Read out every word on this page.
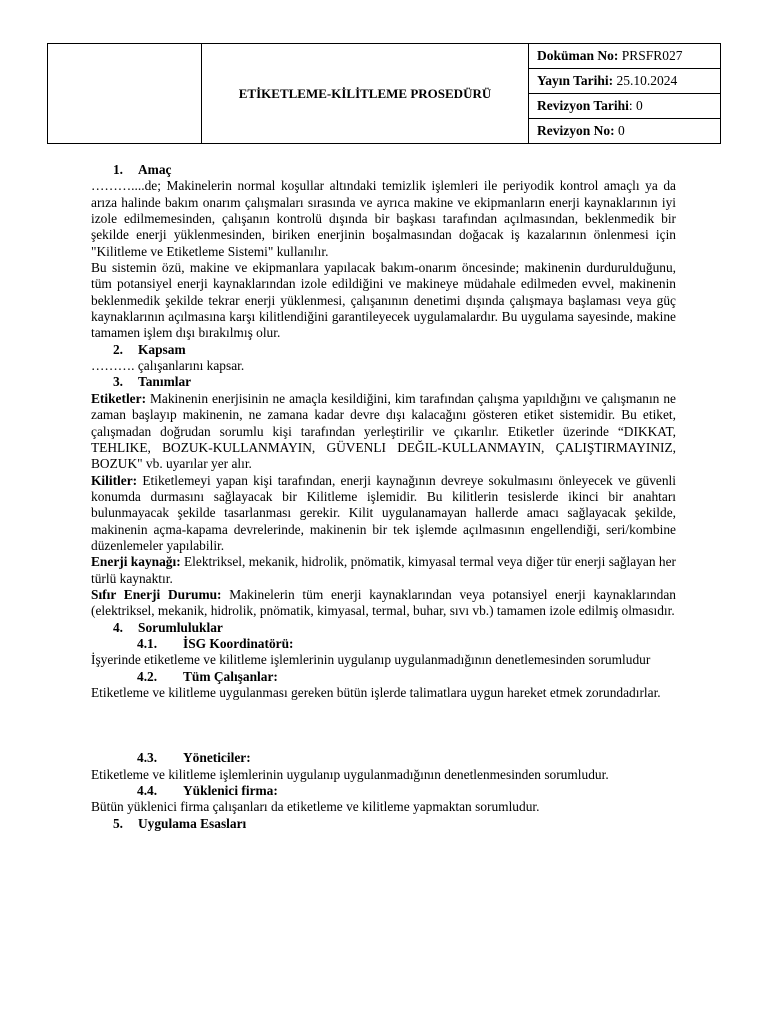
	ETİKETLEME-KİLİTLEME PROSEDÜRÜ	Doküman No: PRSFR027
Yayın Tarihi: 25.10.2024
Revizyon Tarihi: 0
Revizyon No: 0
1. Amaç

………....de; Makinelerin normal koşullar altındaki temizlik işlemleri ile periyodik kontrol amaçlı ya da arıza halinde bakım onarım çalışmaları sırasında ve ayrıca makine ve ekipmanların enerji kaynaklarının iyi izole edilmemesinden, çalışanın kontrolü dışında bir başkası tarafından açılmasından, beklenmedik bir şekilde enerji yüklenmesinden, biriken enerjinin boşalmasından doğacak iş kazalarının önlenmesi için "Kilitleme ve Etiketleme Sistemi" kullanılır.

Bu sistemin özü, makine ve ekipmanlara yapılacak bakım-onarım öncesinde; makinenin durdurulduğunu, tüm potansiyel enerji kaynaklarından izole edildiğini ve makineye müdahale edilmeden evvel, makinenin beklenmedik şekilde tekrar enerji yüklenmesi, çalışanının denetimi dışında çalışmaya başlaması veya güç kaynaklarının açılmasına karşı kilitlendiğini garantileyecek uygulamalardır. Bu uygulama sayesinde, makine tamamen işlem dışı bırakılmış olur.

2. Kapsam

………. çalışanlarını kapsar.

3. Tanımlar

Etiketler: Makinenin enerjisinin ne amaçla kesildiğini, kim tarafından çalışma yapıldığını ve çalışmanın ne zaman başlayıp makinenin, ne zamana kadar devre dışı kalacağını gösteren etiket sistemidir. Bu etiket, çalışmadan doğrudan sorumlu kişi tarafından yerleştirilir ve çıkarılır. Etiketler üzerinde “DIKKAT, TEHLIKE, BOZUK-KULLANMAYIN, GÜVENLI DEĞIL-KULLANMAYIN, ÇALIŞTIRMAYINIZ, BOZUK" vb. uyarılar yer alır.

Kilitler: Etiketlemeyi yapan kişi tarafından, enerji kaynağının devreye sokulmasını önleyecek ve güvenli konumda durmasını sağlayacak bir Kilitleme işlemidir. Bu kilitlerin tesislerde ikinci bir anahtarı bulunmayacak şekilde tasarlanması gerekir. Kilit uygulanamayan hallerde amacı sağlayacak şekilde, makinenin açma-kapama devrelerinde, makinenin bir tek işlemde açılmasının engellendiği, seri/kombine düzenlemeler yapılabilir.

Enerji kaynağı: Elektriksel, mekanik, hidrolik, pnömatik, kimyasal termal veya diğer tür enerji sağlayan her türlü kaynaktır.

Sıfır Enerji Durumu: Makinelerin tüm enerji kaynaklarından veya potansiyel enerji kaynaklarından (elektriksel, mekanik, hidrolik, pnömatik, kimyasal, termal, buhar, sıvı vb.) tamamen izole edilmiş olmasıdır.

4. Sorumluluklar
4.1. İSG Koordinatörü:

İşyerinde etiketleme ve kilitleme işlemlerinin uygulanıp uygulanmadığının denetlemesinden sorumludur

4.2. Tüm Çalışanlar:

Etiketleme ve kilitleme uygulanması gereken bütün işlerde talimatlara uygun hareket etmek zorundadırlar.

4.3. Yöneticiler:

Etiketleme ve kilitleme işlemlerinin uygulanıp uygulanmadığının denetlenmesinden sorumludur.

4.4. Yüklenici firma:

Bütün yüklenici firma çalışanları da etiketleme ve kilitleme yapmaktan sorumludur.

5. Uygulama Esasları
